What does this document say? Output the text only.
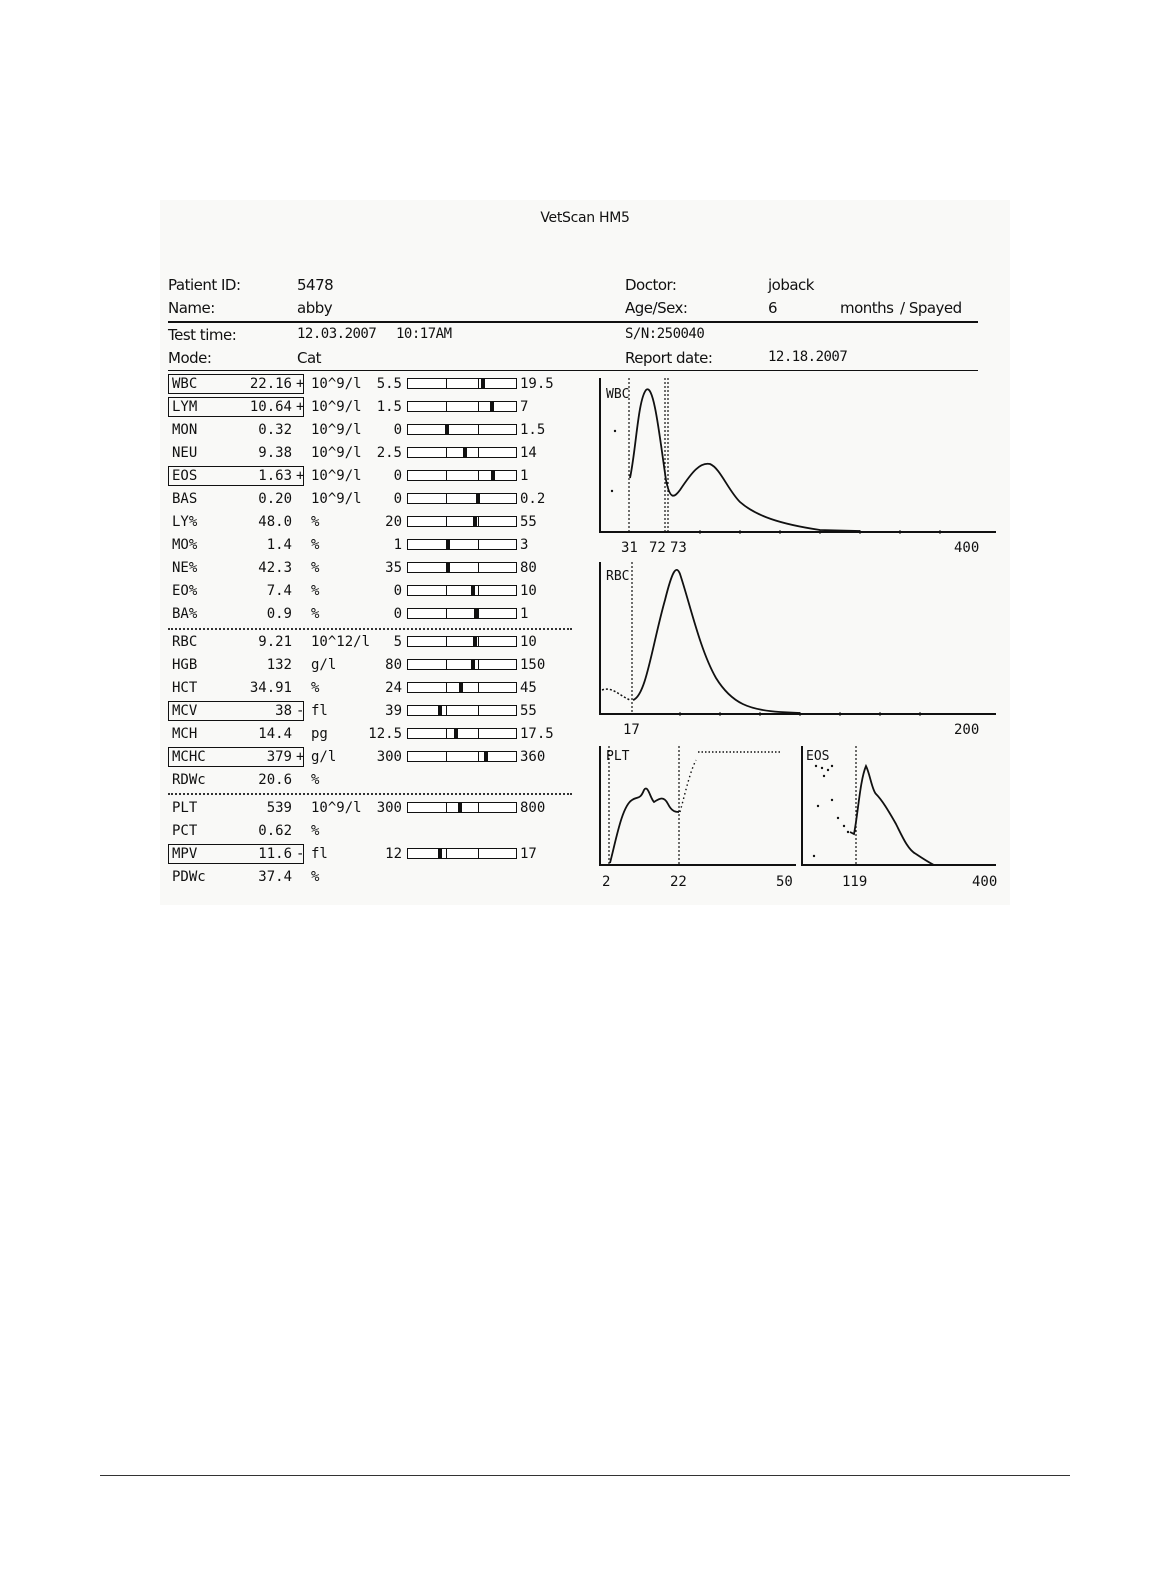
VetScan HM5
Patient ID:	5478	Doctor:	joback
Name:	abby	Age/Sex:	6	months / Spayed
Test time:	12.03.2007 10:17AM	S/N:250040
Mode:	Cat	Report date:	12.18.2007
WBC	22.16 + 10^9/l	5.5	19.5
LYM	10.64 + 10^9/l	1.5	7
MON	0.32 10^9/l	0	1.5
NEU	9.38 10^9/l	2.5	14
EOS	1.63 + 10^9/l	0	1
BAS	0.20 10^9/l	0	0.2
LY%	48.0 %	20	55
MO%	1.4 %	1	3
NE%	42.3 %	35	80
EO%	7.4 %	0	10
BA%	0.9 %	0	1
RBC	9.21 10^12/l	5	10
HGB	132 g/l	80	150
HCT	34.91 %	24	45
MCV	38 - fl	39	55
MCH	14.4 pg	12.5	17.5
MCHC	379 + g/l	300	360
RDWc	20.6 %
PLT	539 10^9/l	300	800
PCT	0.62 %
MPV	11.6 - fl	12	17
PDWc	37.4 %
WBC
31 72 73	400
RBC
17	200
PLT
2	22	50
EOS
119	400
